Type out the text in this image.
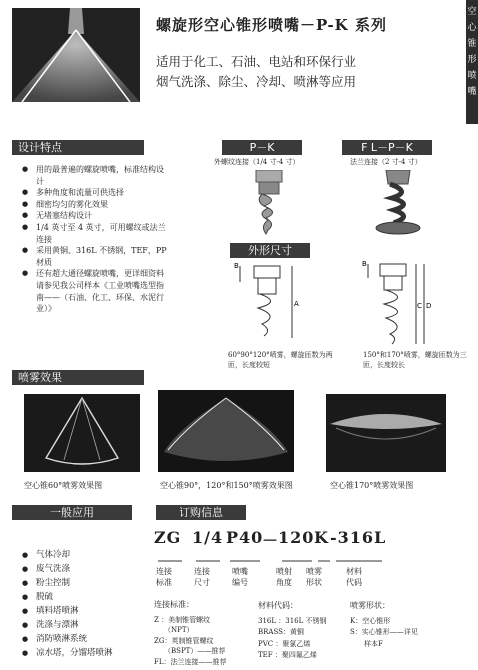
螺旋形空心锥形喷嘴－P-K 系列
适用于化工、石油、电站和环保行业
烟气洗涤、除尘、冷却、喷淋等应用
空
心
锥
形
喷
嘴
设计特点
● 用的最普遍的螺旋喷嘴，标准结构设计
● 多种角度和流量可供选择
● 细密均匀的雾化效果
● 无堵塞结构设计
● 1/4 英寸至 4 英寸，可用螺纹或法兰连接
● 采用黄铜、316L 不锈钢，TEF，PP 材质
● 还有超大通径螺旋喷嘴，更详细资料请参见我公司样本《工业喷嘴选型指南——（石油、化工、环保、水泥行业）》
P－K
外螺纹连接（1/4 寸-4 寸）
F L－P－K
法兰连接（2 寸-4 寸）
外形尺寸
B
A
B
C D
60°90°120°喷雾，螺旋匝数为两匝，长度较短
150°和170°喷雾，螺旋匝数为三匝，长度较长
喷雾效果
空心锥60°喷雾效果图	空心锥90°，120°和150°喷雾效果图	空心锥170°喷雾效果图
一般应用
● 气体冷却
● 废气洗涤
● 粉尘控制
● 脱硫
● 填料塔喷淋
● 洗涤与漂淋
● 消防喷淋系统
● 凉水塔，分馏塔喷淋
订购信息
ZG 1/4 P40
－
120 K -316L
连接
标准
连接
尺寸
喷嘴
编号
喷射
角度
喷雾
形状
材料
代码
连接标准：
Z ：美制锥管螺纹
（NPT）
ZG：英制锥管螺纹
（BSPT）——推荐
FL：法兰连接——推荐
材料代码：
316L ：316L 不锈钢
BRASS：黄铜
PVC ：聚氯乙烯
TEF ：聚四氟乙烯
喷雾形状：
K：空心锥形
S：实心锥形——详见
样本F
